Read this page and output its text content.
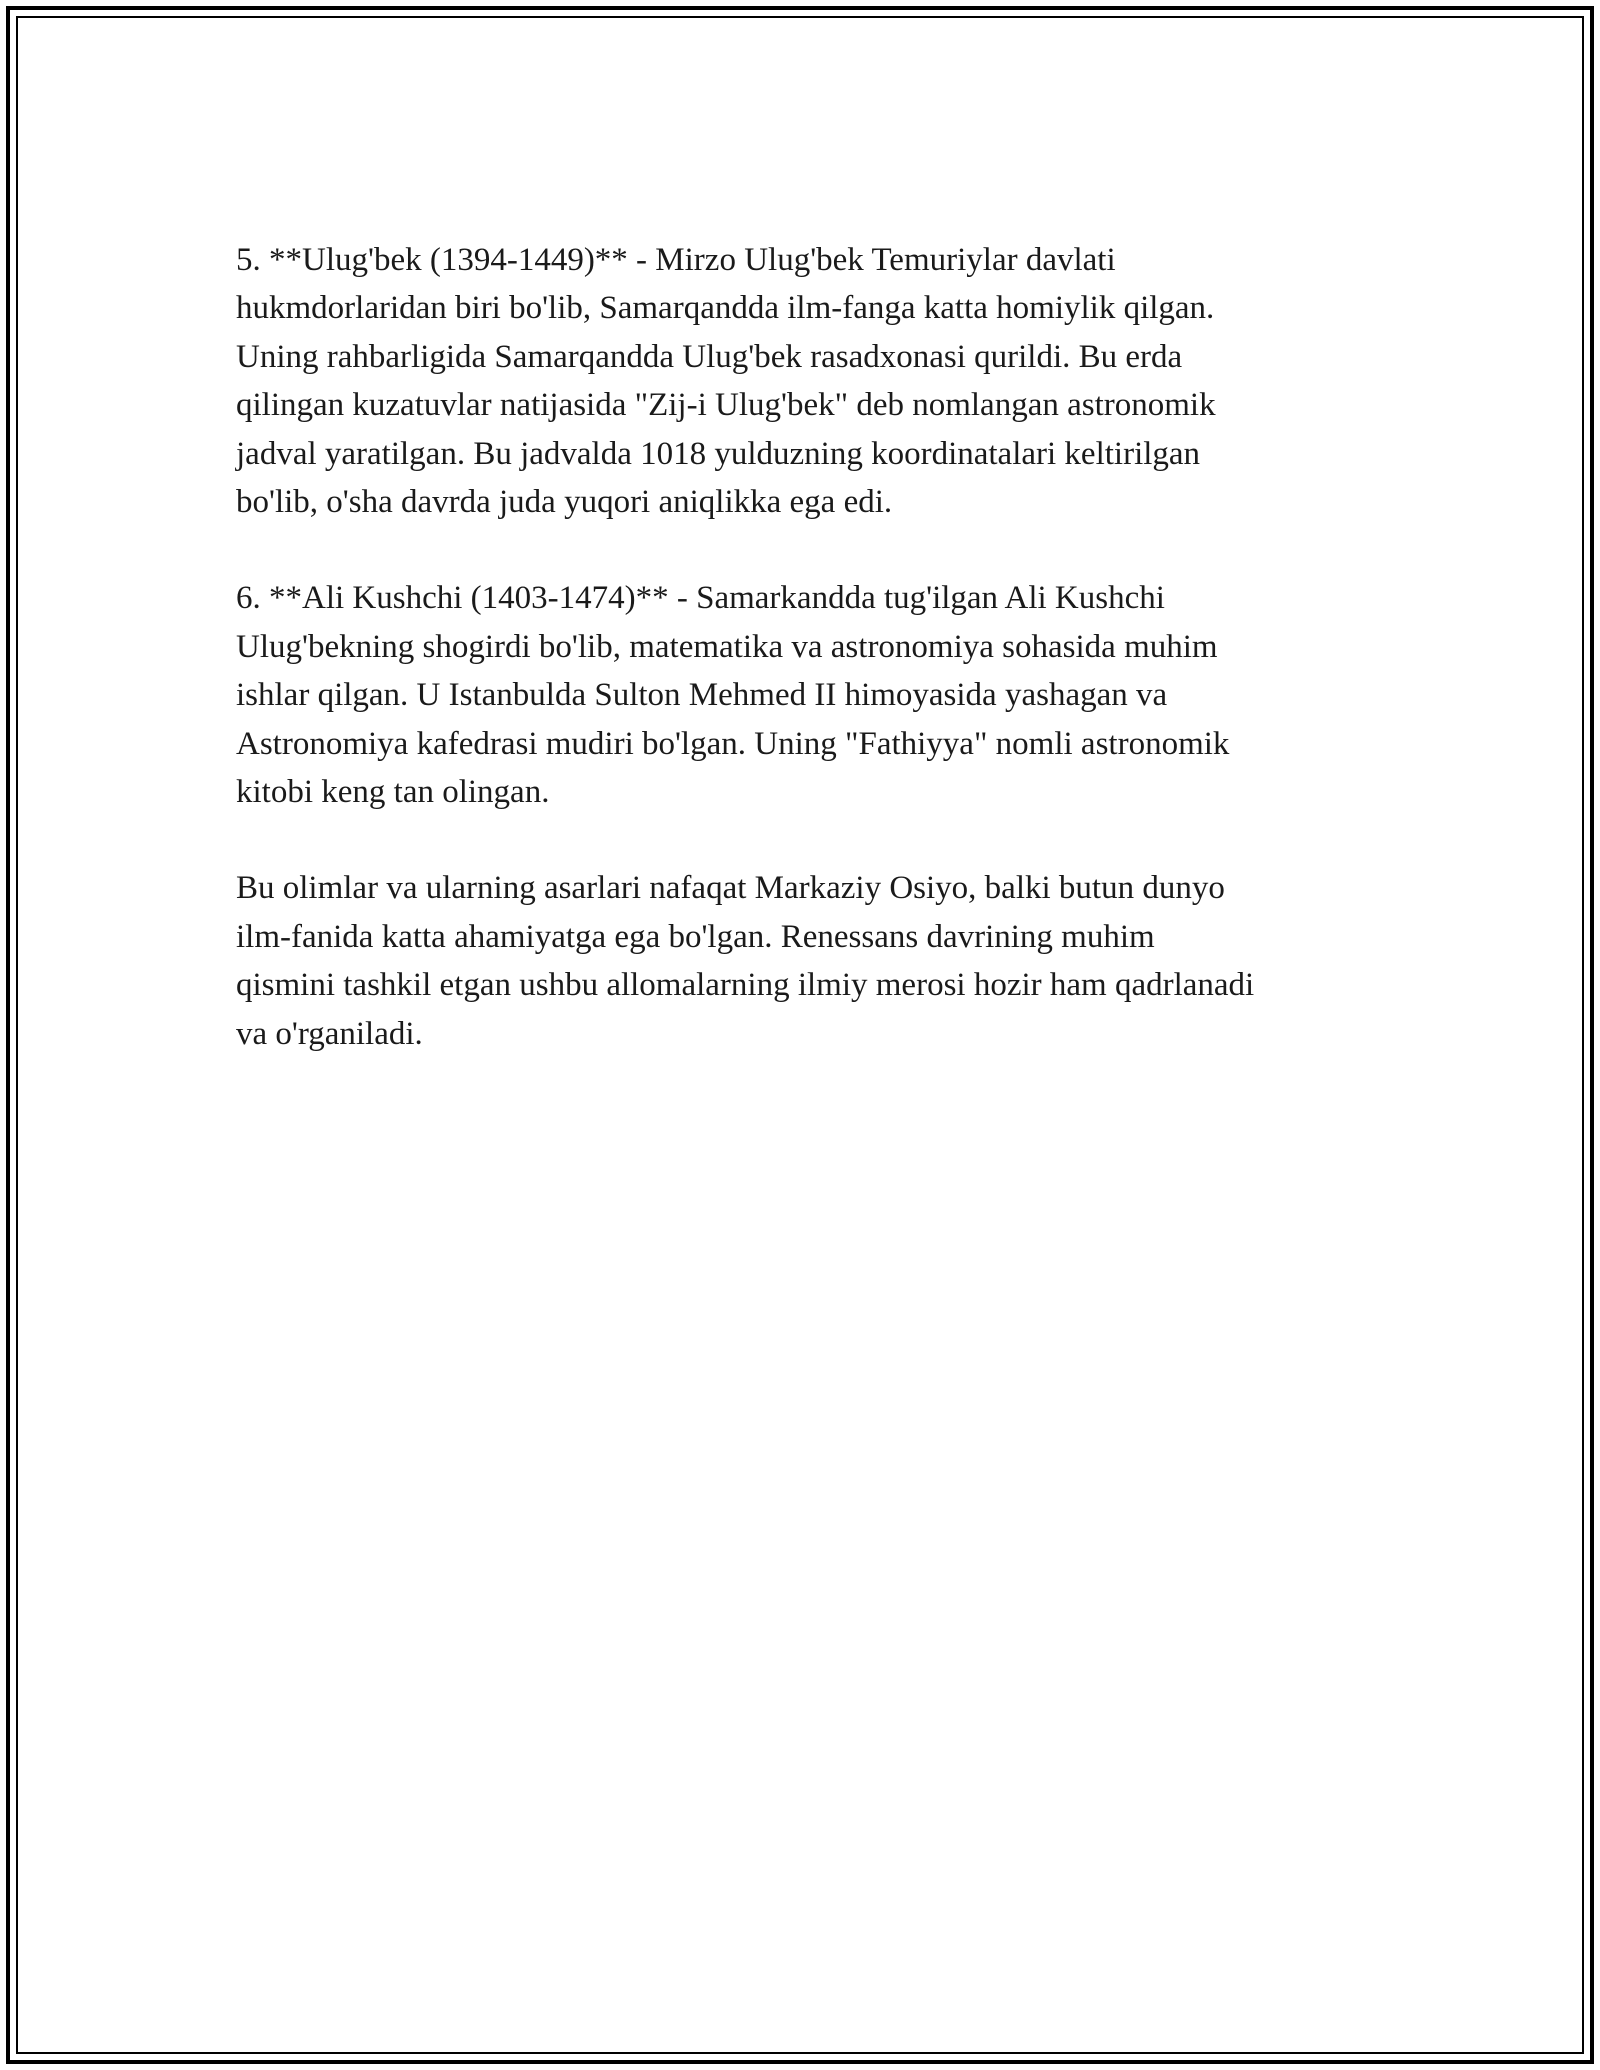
5. **Ulug'bek (1394-1449)** - Mirzo Ulug'bek Temuriylar davlati
hukmdorlaridan biri bo'lib, Samarqandda ilm-fanga katta homiylik qilgan.
Uning rahbarligida Samarqandda Ulug'bek rasadxonasi qurildi. Bu erda
qilingan kuzatuvlar natijasida "Zij-i Ulug'bek" deb nomlangan astronomik
jadval yaratilgan. Bu jadvalda 1018 yulduzning koordinatalari keltirilgan
bo'lib, o'sha davrda juda yuqori aniqlikka ega edi.

6. **Ali Kushchi (1403-1474)** - Samarkandda tug'ilgan Ali Kushchi
Ulug'bekning shogirdi bo'lib, matematika va astronomiya sohasida muhim
ishlar qilgan. U Istanbulda Sulton Mehmed II himoyasida yashagan va
Astronomiya kafedrasi mudiri bo'lgan. Uning "Fathiyya" nomli astronomik
kitobi keng tan olingan.

Bu olimlar va ularning asarlari nafaqat Markaziy Osiyo, balki butun dunyo
ilm-fanida katta ahamiyatga ega bo'lgan. Renessans davrining muhim
qismini tashkil etgan ushbu allomalarning ilmiy merosi hozir ham qadrlanadi
va o'rganiladi.
